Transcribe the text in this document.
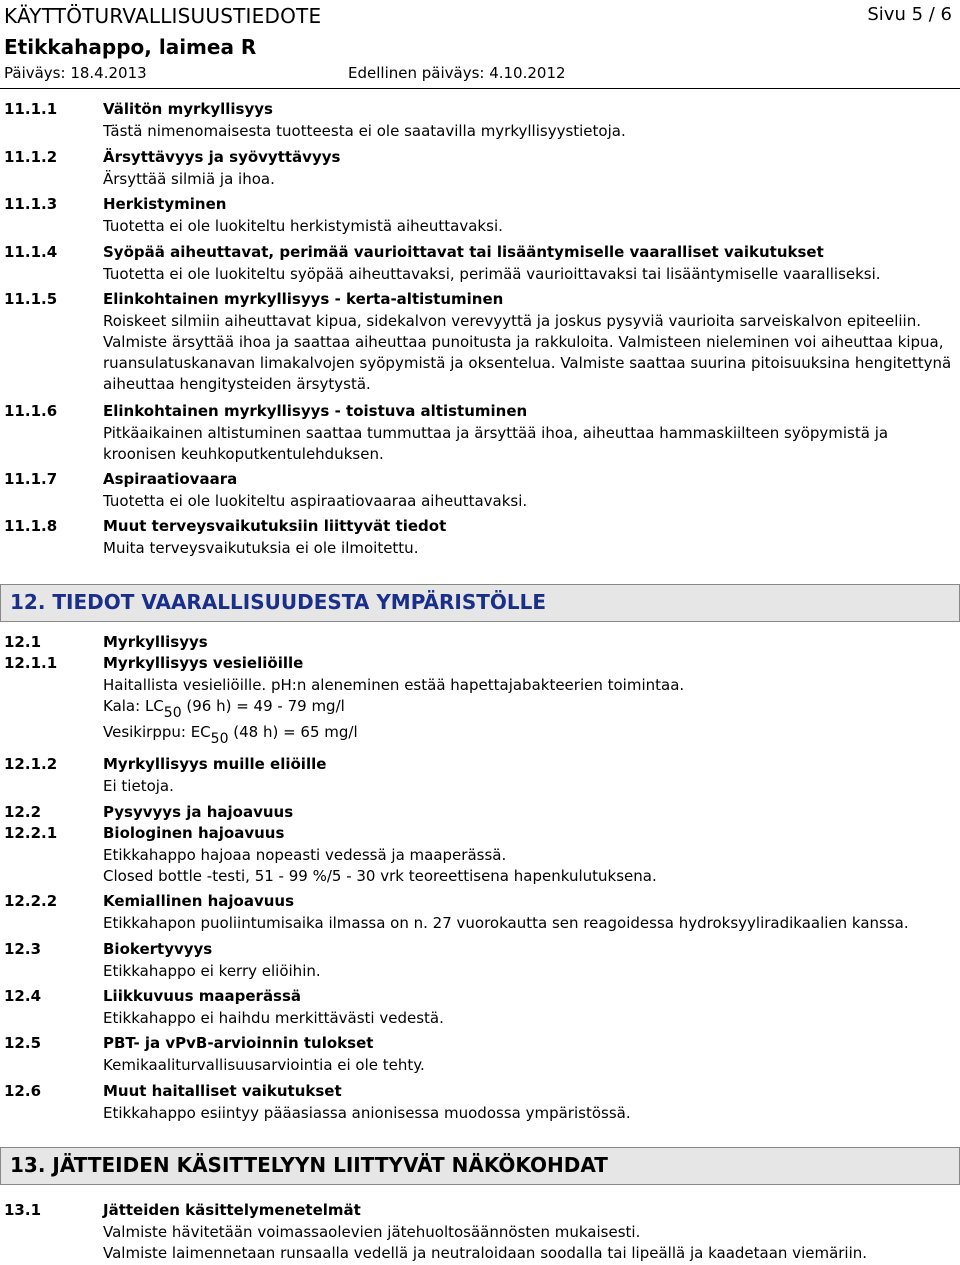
KÄYTTÖTURVALLISUUSTIEDOTE	Sivu 5 / 6
Etikkahappo, laimea R
Päiväys: 18.4.2013	Edellinen päiväys: 4.10.2012
11.1.1	Välitön myrkyllisyys
Tästä nimenomaisesta tuotteesta ei ole saatavilla myrkyllisyystietoja.
11.1.2	Ärsyttävyys ja syövyttävyys
Ärsyttää silmiä ja ihoa.
11.1.3	Herkistyminen
Tuotetta ei ole luokiteltu herkistymistä aiheuttavaksi.
11.1.4	Syöpää aiheuttavat, perimää vaurioittavat tai lisääntymiselle vaaralliset vaikutukset
Tuotetta ei ole luokiteltu syöpää aiheuttavaksi, perimää vaurioittavaksi tai lisääntymiselle vaaralliseksi.
11.1.5	Elinkohtainen myrkyllisyys - kerta-altistuminen
Roiskeet silmiin aiheuttavat kipua, sidekalvon verevyyttä ja joskus pysyviä vaurioita sarveiskalvon epiteeliin.
Valmiste ärsyttää ihoa ja saattaa aiheuttaa punoitusta ja rakkuloita. Valmisteen nieleminen voi aiheuttaa kipua,
ruansulatuskanavan limakalvojen syöpymistä ja oksentelua. Valmiste saattaa suurina pitoisuuksina hengitettynä
aiheuttaa hengitysteiden ärsytystä.
11.1.6	Elinkohtainen myrkyllisyys - toistuva altistuminen
Pitkäaikainen altistuminen saattaa tummuttaa ja ärsyttää ihoa, aiheuttaa hammaskiilteen syöpymistä ja
kroonisen keuhkoputkentulehduksen.
11.1.7	Aspiraatiovaara
Tuotetta ei ole luokiteltu aspiraatiovaaraa aiheuttavaksi.
11.1.8	Muut terveysvaikutuksiin liittyvät tiedot
Muita terveysvaikutuksia ei ole ilmoitettu.
12. TIEDOT VAARALLISUUDESTA YMPÄRISTÖLLE
12.1	Myrkyllisyys
12.1.1	Myrkyllisyys vesieliöille
Haitallista vesieliöille. pH:n aleneminen estää hapettajabakteerien toimintaa.
Kala: LC50 (96 h) = 49 - 79 mg/l
Vesikirppu: EC50 (48 h) = 65 mg/l
12.1.2	Myrkyllisyys muille eliöille
Ei tietoja.
12.2	Pysyvyys ja hajoavuus
12.2.1	Biologinen hajoavuus
Etikkahappo hajoaa nopeasti vedessä ja maaperässä.
Closed bottle -testi, 51 - 99 %/5 - 30 vrk teoreettisena hapenkulutuksena.
12.2.2	Kemiallinen hajoavuus
Etikkahapon puoliintumisaika ilmassa on n. 27 vuorokautta sen reagoidessa hydroksyyliradikaalien kanssa.
12.3	Biokertyvyys
Etikkahappo ei kerry eliöihin.
12.4	Liikkuvuus maaperässä
Etikkahappo ei haihdu merkittävästi vedestä.
12.5	PBT- ja vPvB-arvioinnin tulokset
Kemikaaliturvallisuusarviointia ei ole tehty.
12.6	Muut haitalliset vaikutukset
Etikkahappo esiintyy pääasiassa anionisessa muodossa ympäristössä.
13. JÄTTEIDEN KÄSITTELYYN LIITTYVÄT NÄKÖKOHDAT
13.1	Jätteiden käsittelymenetelmät
Valmiste hävitetään voimassaolevien jätehuoltosäännösten mukaisesti.
Valmiste laimennetaan runsaalla vedellä ja neutraloidaan soodalla tai lipeällä ja kaadetaan viemäriin.
